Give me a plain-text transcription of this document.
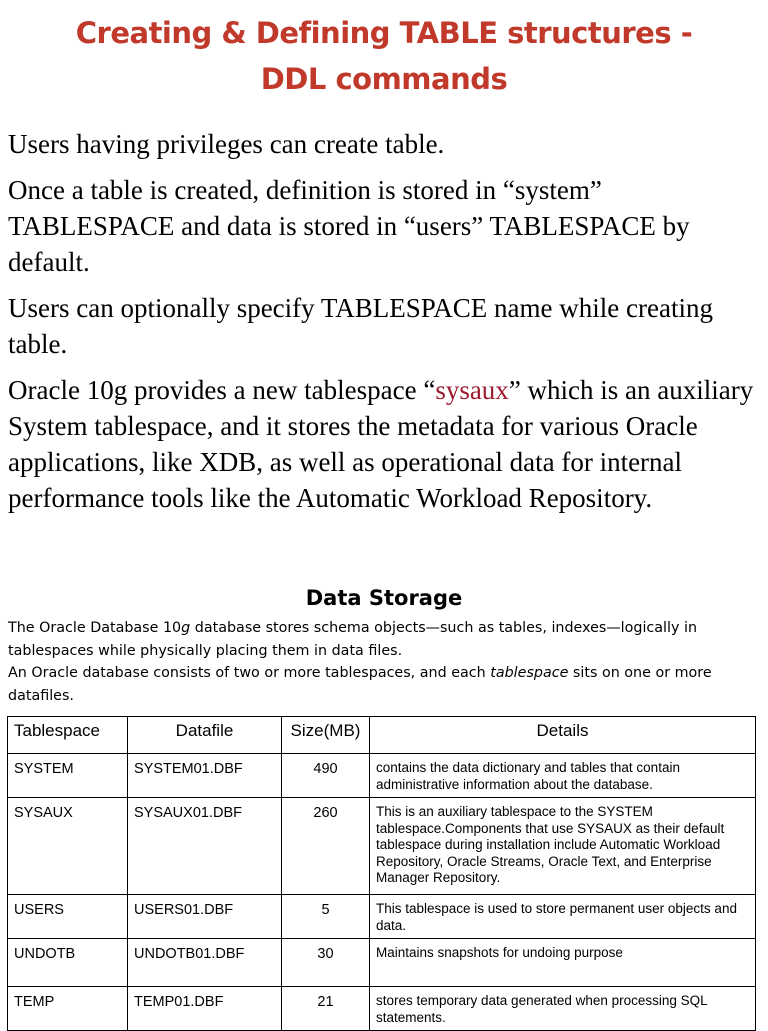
Creating & Defining TABLE structures -
DDL commands

Users having privileges can create table.

Once a table is created, definition is stored in “system” TABLESPACE and data is stored in “users” TABLESPACE by default.

Users can optionally specify TABLESPACE name while creating table.

Oracle 10g provides a new tablespace “sysaux” which is an auxiliary System tablespace, and it stores the metadata for various Oracle applications, like XDB, as well as operational data for internal performance tools like the Automatic Workload Repository.

Data Storage

The Oracle Database 10g database stores schema objects—such as tables, indexes—logically in tablespaces while physically placing them in data files.

An Oracle database consists of two or more tablespaces, and each tablespace sits on one or more datafiles.

Tablespace	Datafile	Size(MB)	Details
SYSTEM	SYSTEM01.DBF	490	contains the data dictionary and tables that contain administrative information about the database.
SYSAUX	SYSAUX01.DBF	260	This is an auxiliary tablespace to the SYSTEM tablespace.Components that use SYSAUX as their default tablespace during installation include Automatic Workload Repository, Oracle Streams, Oracle Text, and Enterprise Manager Repository.
USERS	USERS01.DBF	5	This tablespace is used to store permanent user objects and data.
UNDOTB	UNDOTB01.DBF	30	Maintains snapshots for undoing purpose
TEMP	TEMP01.DBF	21	stores temporary data generated when processing SQL statements.
